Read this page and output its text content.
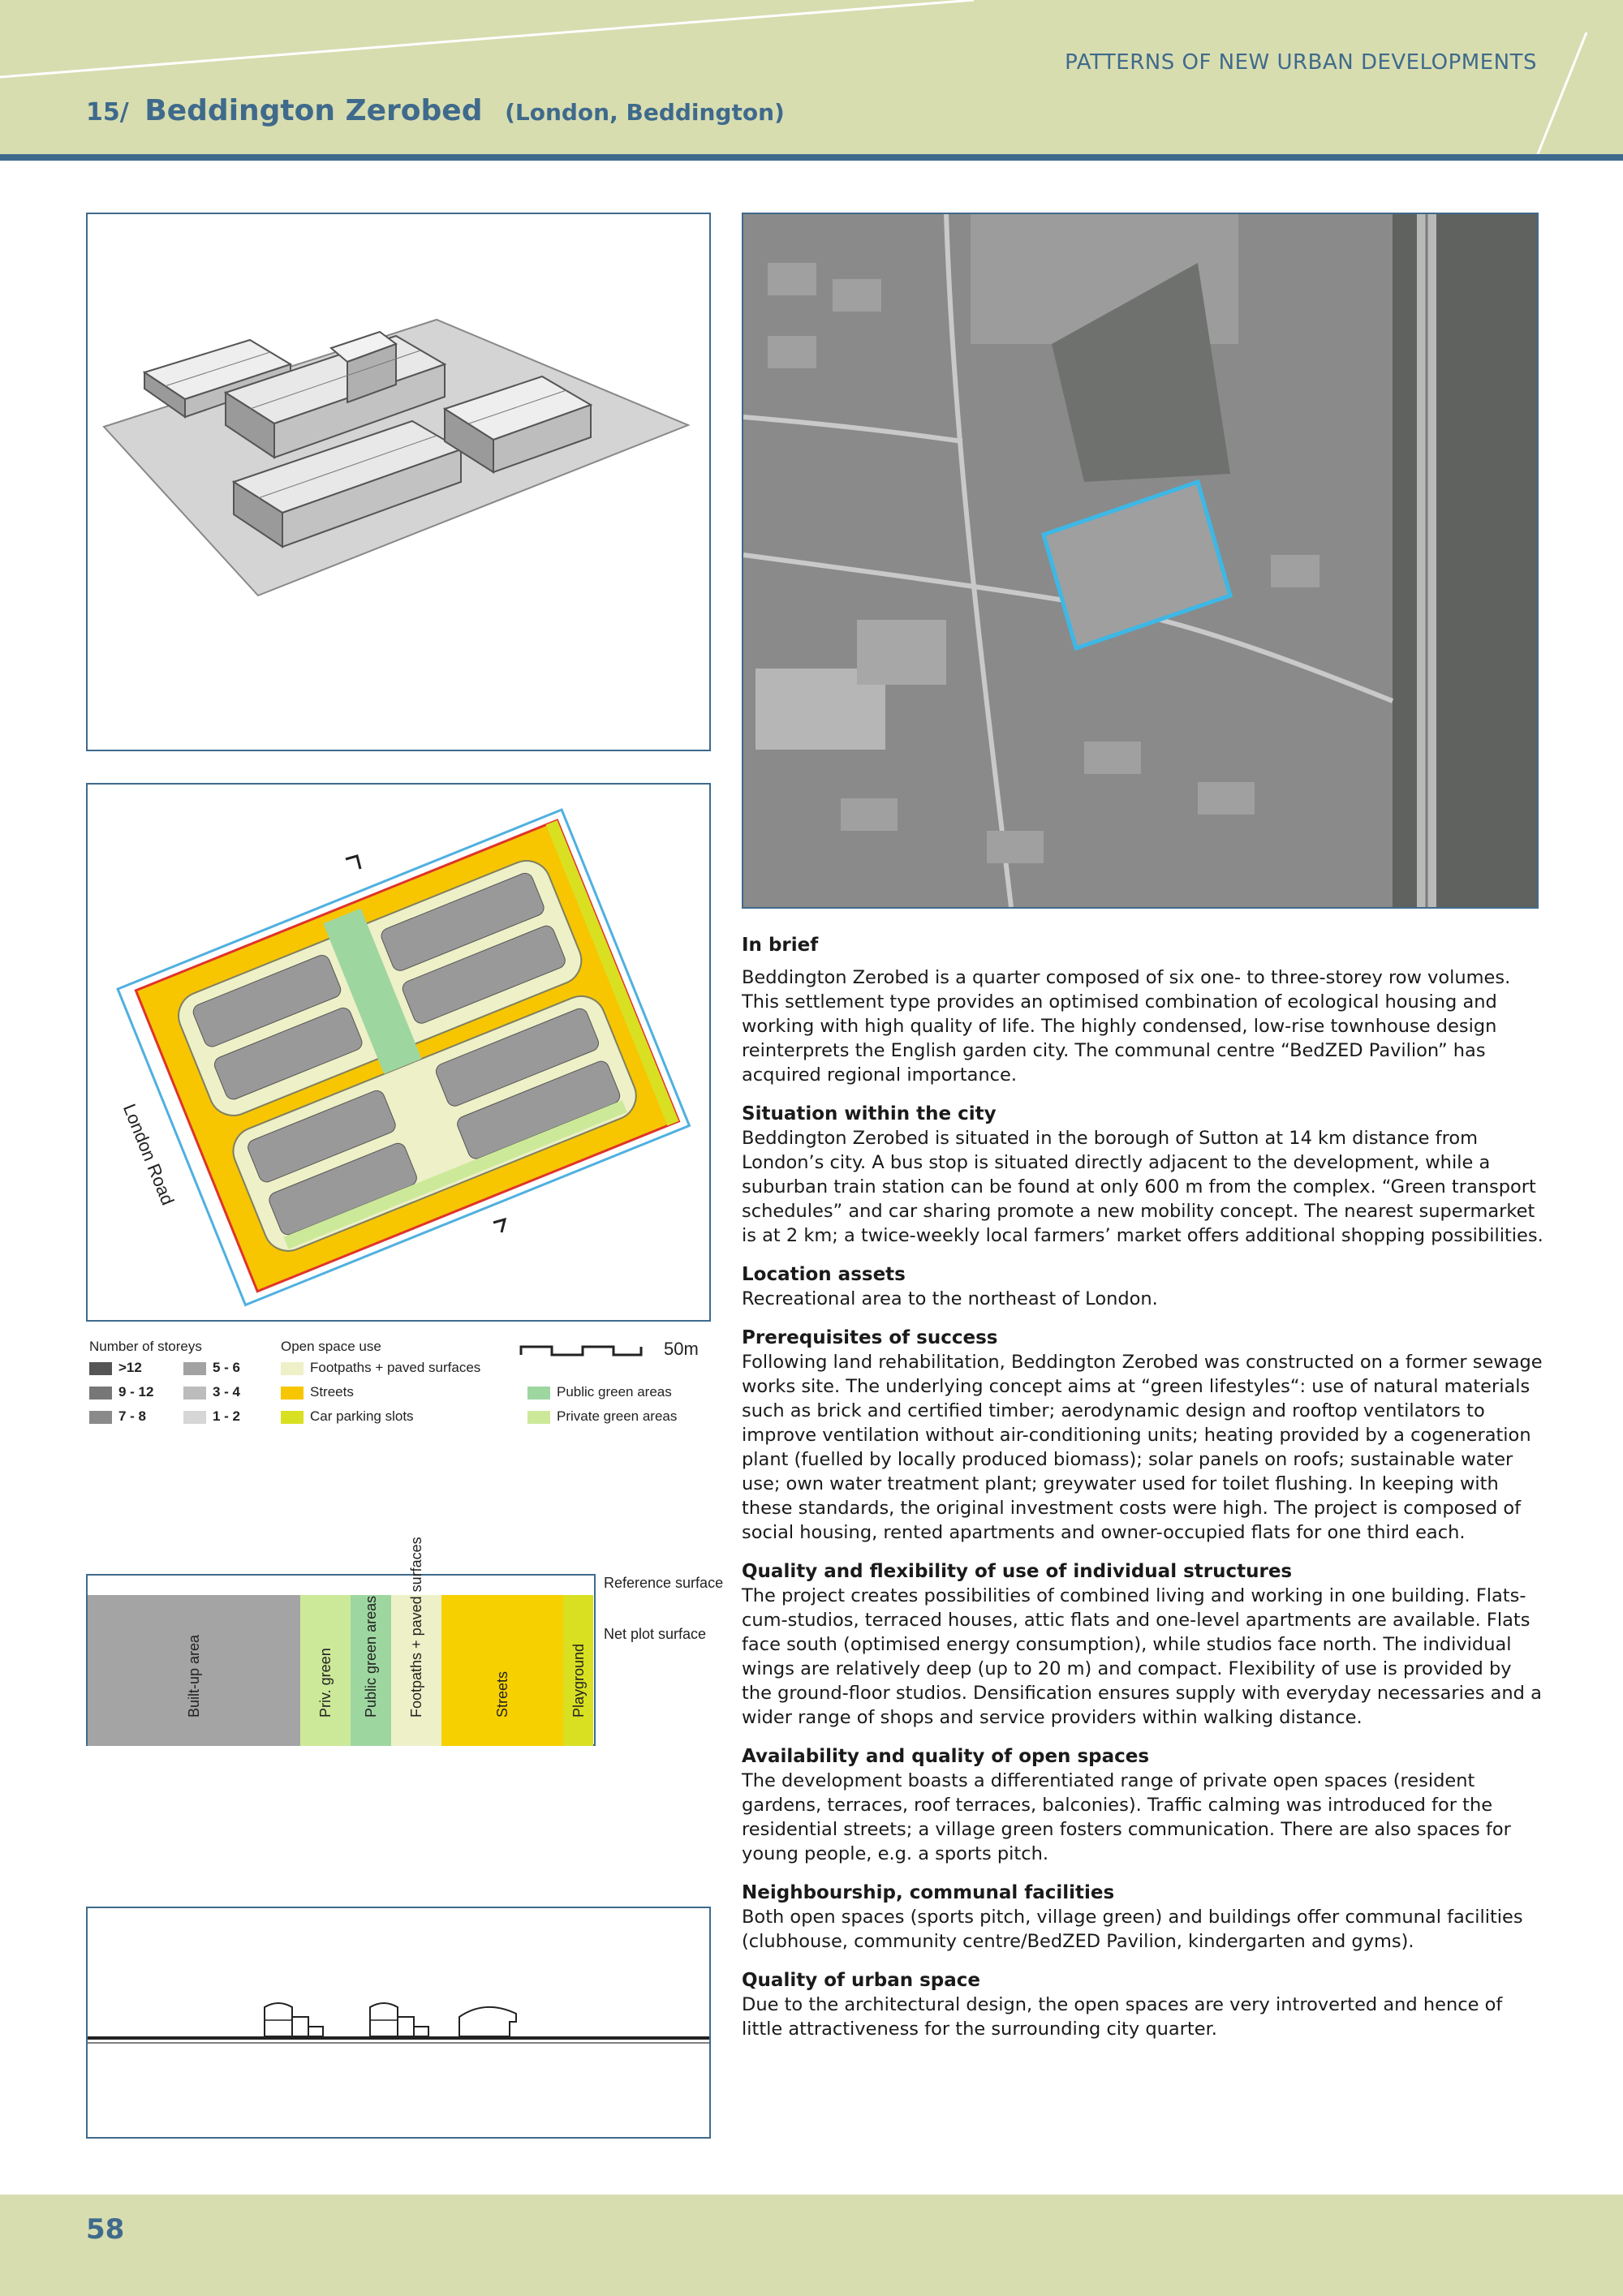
PATTERNS OF NEW URBAN DEVELOPMENTS
15/ Beddington Zerobed (London, Beddington)
London Road
Number of storeys
>12
9 - 12
7 - 8
5 - 6
3 - 4
1 - 2
Open space use
Footpaths + paved surfaces
Streets
Car parking slots
Public green areas
Private green areas
50m
Built-up area	Priv. green Public green areas Footpaths + paved surfaces	Streets	Playground
Reference surface
Net plot surface
In brief

Beddington Zerobed is a quarter composed of six one- to three-storey row volumes. This settlement type provides an optimised combination of ecological housing and working with high quality of life. The highly condensed, low-rise townhouse design reinterprets the English garden city. The communal centre “BedZED Pavilion” has acquired regional importance.

Situation within the city

Beddington Zerobed is situated in the borough of Sutton at 14 km distance from London’s city. A bus stop is situated directly adjacent to the development, while a suburban train station can be found at only 600 m from the complex. “Green transport schedules” and car sharing promote a new mobility concept. The nearest supermarket is at 2 km; a twice-weekly local farmers’ market offers additional shopping possibilities.

Location assets

Recreational area to the northeast of London.

Prerequisites of success

Following land rehabilitation, Beddington Zerobed was constructed on a former sewage works site. The underlying concept aims at “green lifestyles“: use of natural materials such as brick and certified timber; aerodynamic design and rooftop ventilators to improve ventilation without air-conditioning units; heating provided by a cogeneration plant (fuelled by locally produced biomass); solar panels on roofs; sustainable water use; own water treatment plant; greywater used for toilet flushing. In keeping with these standards, the original investment costs were high. The project is composed of social housing, rented apartments and owner-occupied flats for one third each.

Quality and flexibility of use of individual structures

The project creates possibilities of combined living and working in one building. Flats-cum-studios, terraced houses, attic flats and one-level apartments are available. Flats face south (optimised energy consumption), while studios face north. The individual wings are relatively deep (up to 20 m) and compact. Flexibility of use is provided by the ground-floor studios. Densification ensures supply with everyday necessaries and a wider range of shops and service providers within walking distance.

Availability and quality of open spaces

The development boasts a differentiated range of private open spaces (resident gardens, terraces, roof terraces, balconies). Traffic calming was introduced for the residential streets; a village green fosters communication. There are also spaces for young people, e.g. a sports pitch.

Neighbourship, communal facilities

Both open spaces (sports pitch, village green) and buildings offer communal facilities (clubhouse, community centre/BedZED Pavilion, kindergarten and gyms).

Quality of urban space

Due to the architectural design, the open spaces are very introverted and hence of little attractiveness for the surrounding city quarter.

58
